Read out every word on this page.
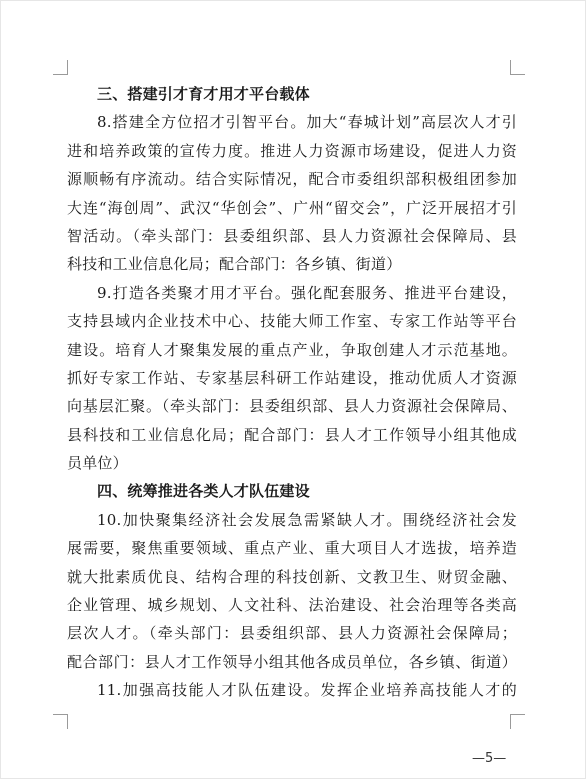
三、搭建引才育才用才平台载体
8.搭建全方位招才引智平台。加大“春城计划”高层次人才引
进和培养政策的宣传力度。推进人力资源市场建设，促进人力资
源顺畅有序流动。结合实际情况，配合市委组织部积极组团参加
大连“海创周”、武汉“华创会”、广州“留交会”，广泛开展招才引
智活动。（牵头部门：县委组织部、县人力资源社会保障局、县
科技和工业信息化局；配合部门：各乡镇、街道）
9.打造各类聚才用才平台。强化配套服务、推进平台建设，
支持县域内企业技术中心、技能大师工作室、专家工作站等平台
建设。培育人才聚集发展的重点产业，争取创建人才示范基地。
抓好专家工作站、专家基层科研工作站建设，推动优质人才资源
向基层汇聚。（牵头部门：县委组织部、县人力资源社会保障局、
县科技和工业信息化局；配合部门：县人才工作领导小组其他成
员单位）
四、统筹推进各类人才队伍建设
10.加快聚集经济社会发展急需紧缺人才。围绕经济社会发
展需要，聚焦重要领域、重点产业、重大项目人才选拔，培养造
就大批素质优良、结构合理的科技创新、文教卫生、财贸金融、
企业管理、城乡规划、人文社科、法治建设、社会治理等各类高
层次人才。（牵头部门：县委组织部、县人力资源社会保障局；
配合部门：县人才工作领导小组其他各成员单位，各乡镇、街道）
11.加强高技能人才队伍建设。发挥企业培养高技能人才的
—5—
